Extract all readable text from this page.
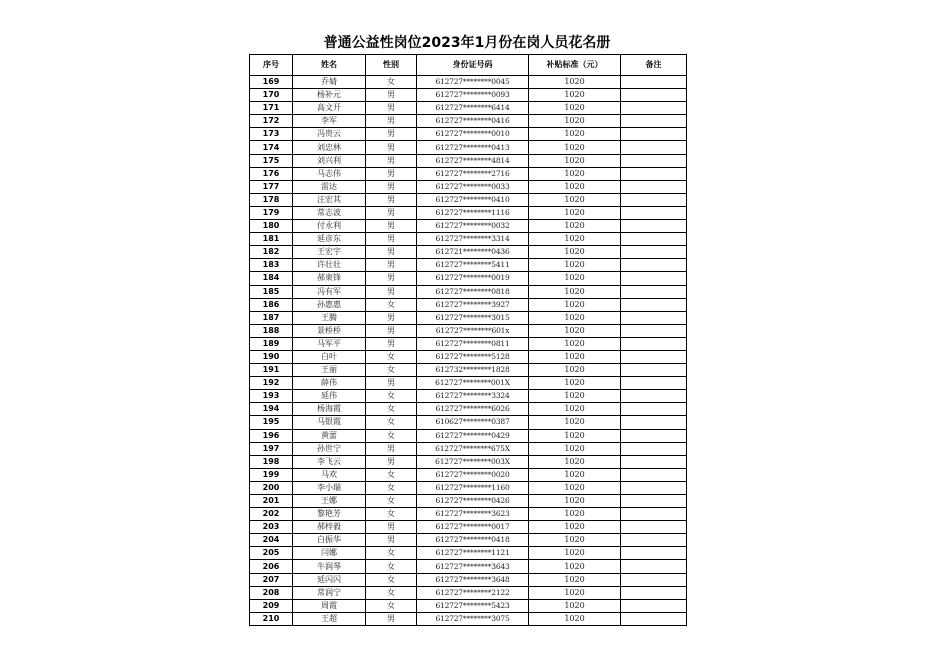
普通公益性岗位2023年1月份在岗人员花名册
序号	姓名	性别	身份证号码	补贴标准（元）	备注
169	乔婧	女	612727********0045	1020	
170	杨补元	男	612727********0093	1020	
171	高文开	男	612727********6414	1020	
172	李军	男	612727********0416	1020	
173	冯贵云	男	612727********0010	1020	
174	刘忠林	男	612727********0413	1020	
175	刘兴利	男	612727********4814	1020	
176	马志伟	男	612727********2716	1020	
177	雷达	男	612727********0033	1020	
178	汪宏其	男	612727********0410	1020	
179	常志波	男	612727********1116	1020	
180	付永利	男	612727********0032	1020	
181	延彦东	男	612727********3314	1020	
182	王宏宇	男	612721********0436	1020	
183	许壮壮	男	612727********5411	1020	
184	郝東锋	男	612727********0019	1020	
185	冯有军	男	612727********0818	1020	
186	孙惠惠	女	612727********3927	1020	
187	王腾	男	612727********3015	1020	
188	景桥桥	男	612727********601x	1020	
189	马军平	男	612727********0811	1020	
190	白叶	女	612727********5128	1020	
191	王丽	女	612732********1828	1020	
192	薛伟	男	612727********001X	1020	
193	延伟	女	612727********3324	1020	
194	杨海霞	女	612727********6026	1020	
195	马银霞	女	610627********0387	1020	
196	黄蕾	女	612727********0429	1020	
197	孙世宁	男	612727********675X	1020	
198	李飞云	男	612727********003X	1020	
199	马欢	女	612727********0020	1020	
200	李小瑞	女	612727********1160	1020	
201	王娜	女	612727********0426	1020	
202	黎艳芳	女	612727********3623	1020	
203	郝梓毅	男	612727********0017	1020	
204	白振华	男	612727********0418	1020	
205	闫娜	女	612727********1121	1020	
206	牛润琴	女	612727********3643	1020	
207	延闪闪	女	612727********3648	1020	
208	常润宁	女	612727********2122	1020	
209	周霞	女	612727********5423	1020	
210	王超	男	612727********3075	1020	
